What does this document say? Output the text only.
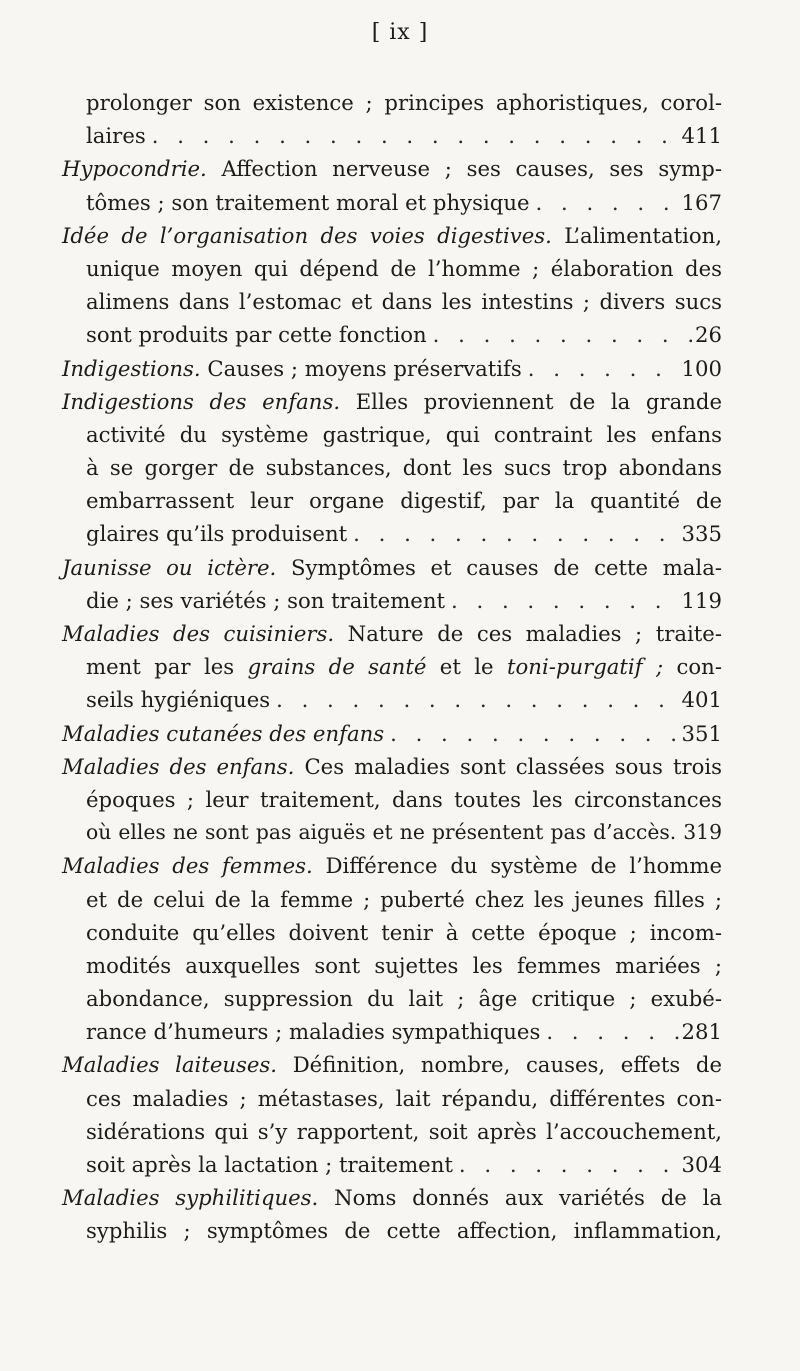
[ ix ]
prolonger son existence ; principes aphoristiques, corol-
laires . . .	411
Hypocondrie. Affection nerveuse ; ses causes, ses symp-
tômes ; son traitement moral et physique . . .	167
Idée de l’organisation des voies digestives. L’alimentation,
unique moyen qui dépend de l’homme ; élaboration des
alimens dans l’estomac et dans les intestins ; divers sucs
sont produits par cette fonction . . .	26
Indigestions. Causes ; moyens préservatifs . . .	100
Indigestions des enfans. Elles proviennent de la grande
activité du système gastrique, qui contraint les enfans
à se gorger de substances, dont les sucs trop abondans
embarrassent leur organe digestif, par la quantité de
glaires qu’ils produisent . . .	335
Jaunisse ou ictère. Symptômes et causes de cette mala-
die ; ses variétés ; son traitement . . .	119
Maladies des cuisiniers. Nature de ces maladies ; traite-
ment par les grains de santé et le toni-purgatif ; con-
seils hygiéniques . . .	401
Maladies cutanées des enfans . . .	351
Maladies des enfans. Ces maladies sont classées sous trois
époques ; leur traitement, dans toutes les circonstances
où elles ne sont pas aiguës et ne présentent pas d’accès. 319
Maladies des femmes. Différence du système de l’homme
et de celui de la femme ; puberté chez les jeunes filles ;
conduite qu’elles doivent tenir à cette époque ; incom-
modités auxquelles sont sujettes les femmes mariées ;
abondance, suppression du lait ; âge critique ; exubé-
rance d’humeurs ; maladies sympathiques . . .	281
Maladies laiteuses. Définition, nombre, causes, effets de
ces maladies ; métastases, lait répandu, différentes con-
sidérations qui s’y rapportent, soit après l’accouchement,
soit après la lactation ; traitement . . .	304
Maladies syphilitiques. Noms donnés aux variétés de la
syphilis ; symptômes de cette affection, inflammation,
